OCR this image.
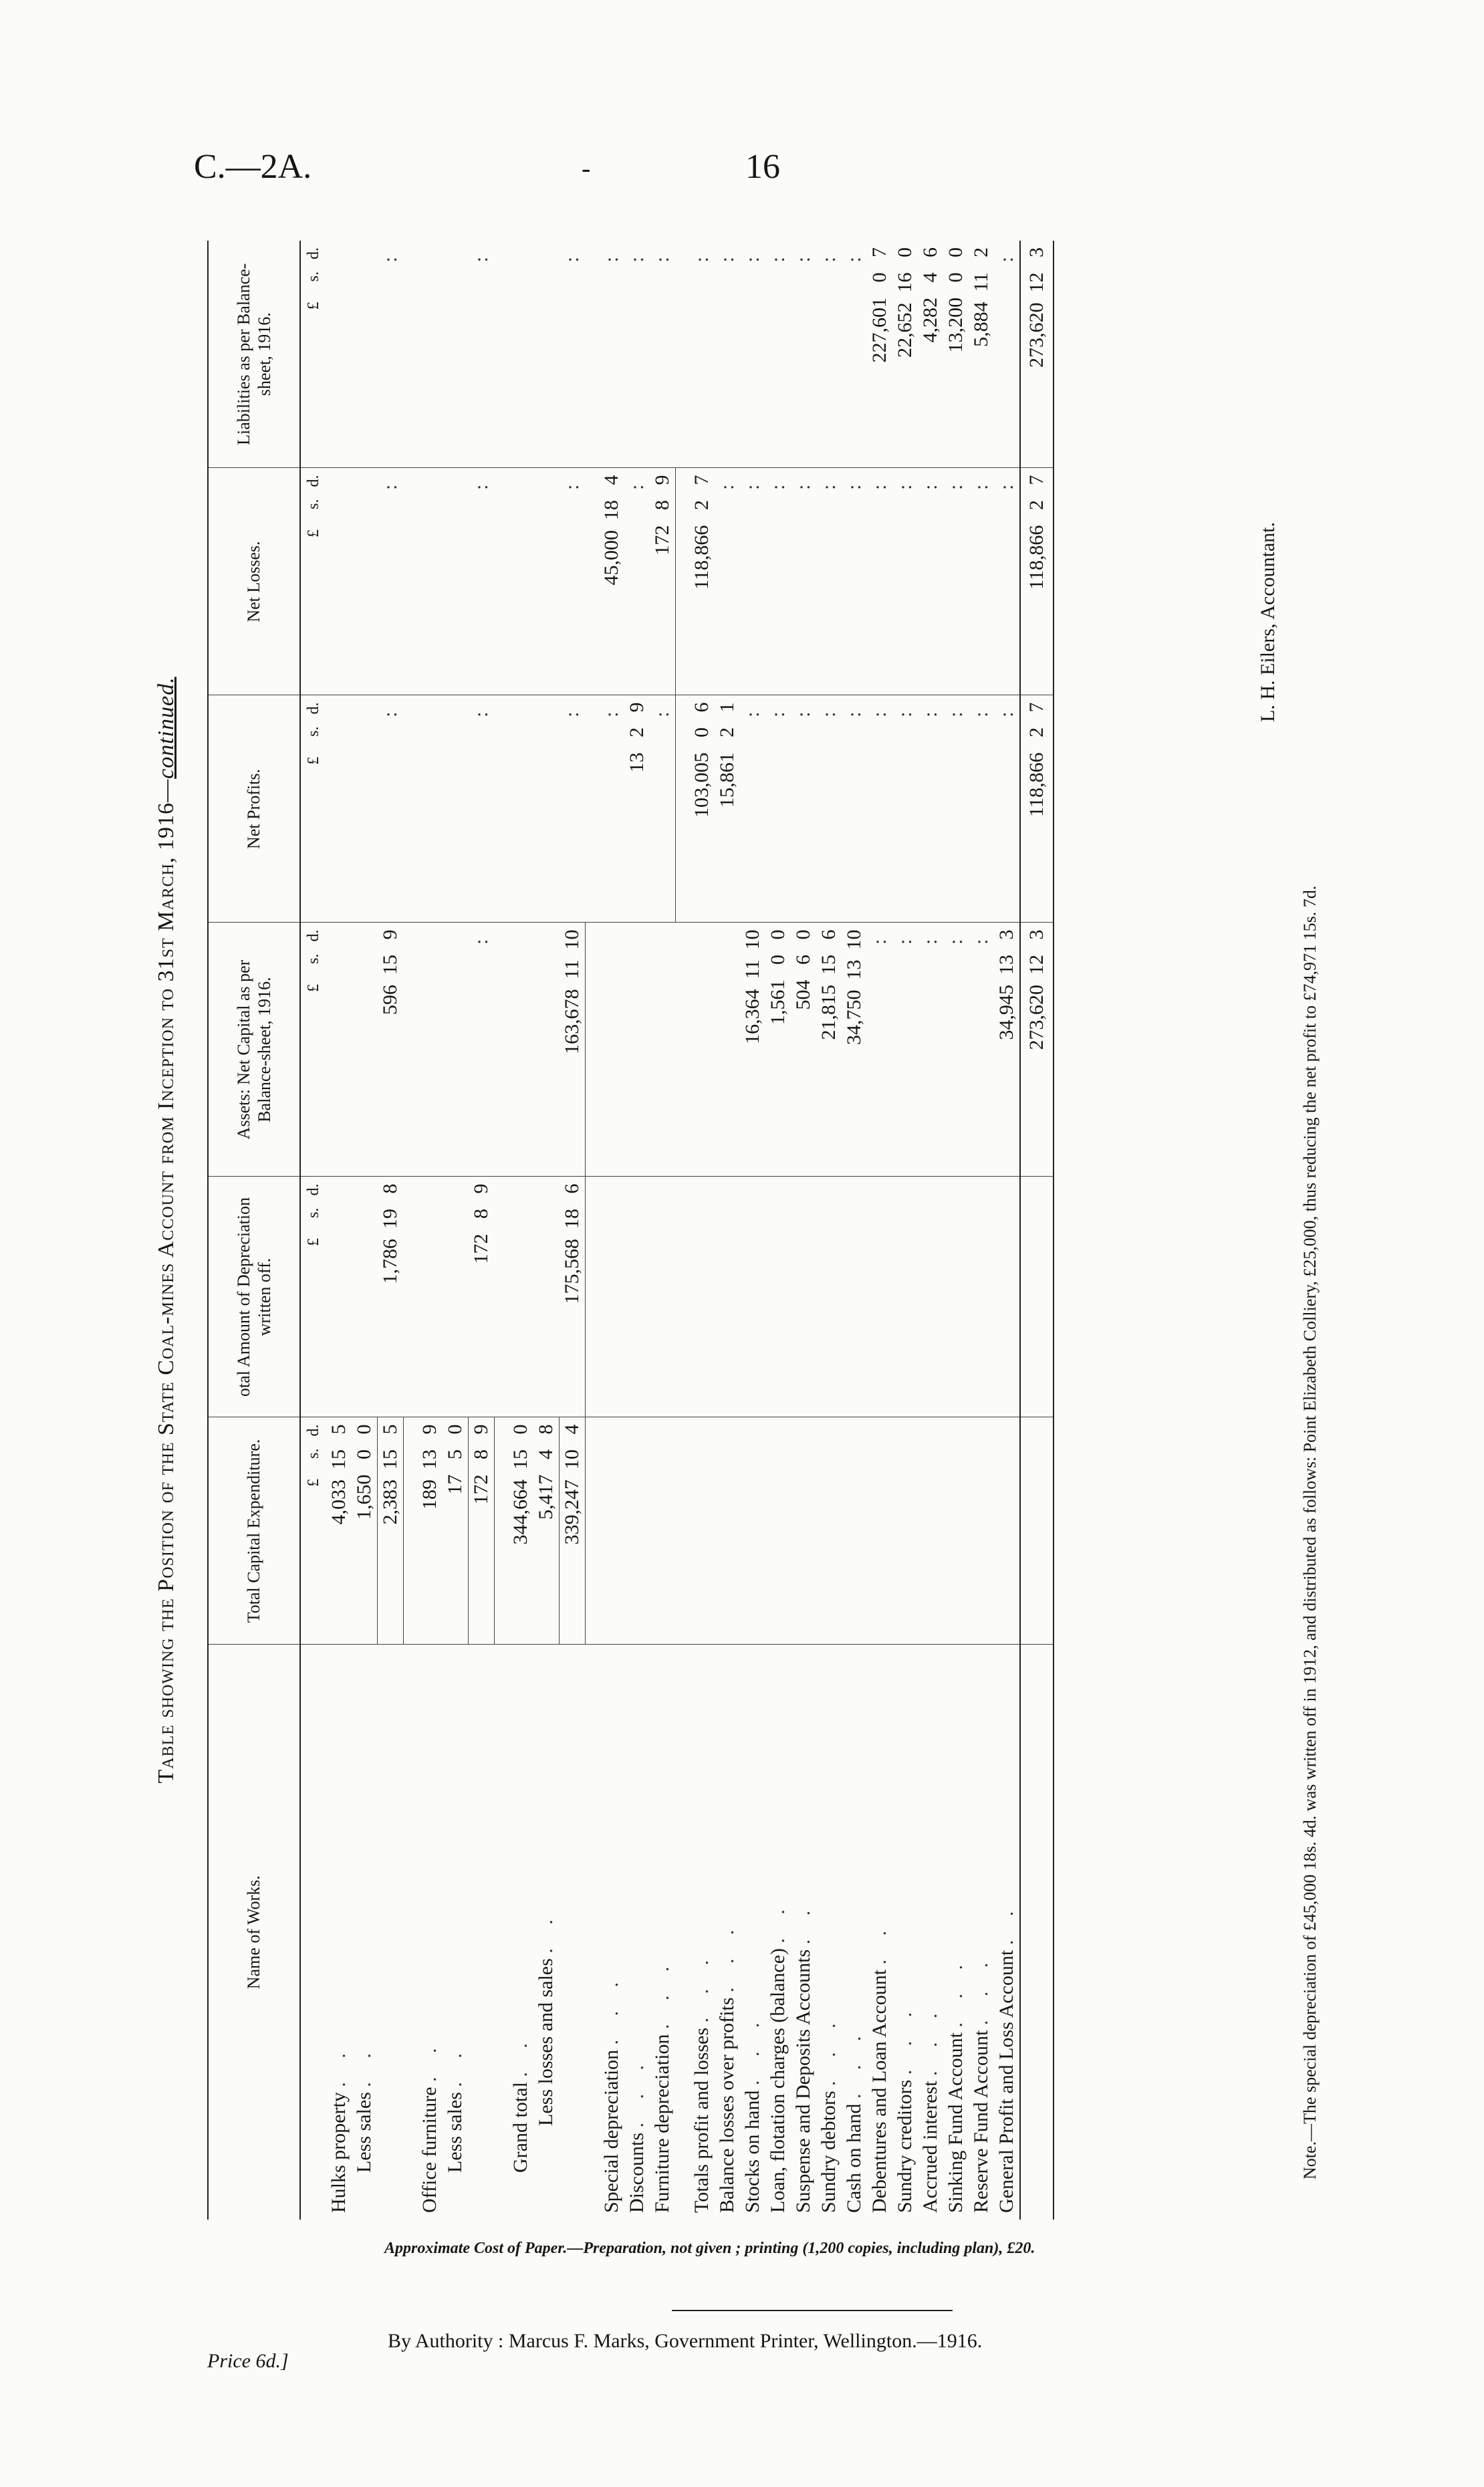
C.—2A.	-	16
Table showing the Position of the State Coal-mines Account from Inception to 31st March, 1916—continued.
Name of Works.	Total Capital Expenditure.	otal Amount of Depreciation written off.	Assets: Net Capital as per Balance-sheet, 1916.	Net Profits.	Net Losses.	Liabilities as per Balance-sheet, 1916.
	£     s.   d.	£     s.   d.	£     s.   d.	£     s.   d.	£     s.   d.	£     s.   d.
Hulks property . .	4,033  15   5					
Less sales . .	1,650   0   0					
	2,383  15   5	1,786  19   8	596  15   9	:	:	:

Office furniture . .	189  13   9					
Less sales . .	17   5   0					
	172   8   9	172   8   9	:	:	:	:

Grand total . .	344,664  15   0					
Less losses and sales . .	5,417   4   8					
	339,247  10   4	175,568  18   6	163,678  11  10	:	:	:

Special depreciation . . .				:	45,000  18   4	:
Discounts . . .				13   2   9	:	:
Furniture depreciation . . .				:	172   8   9	:

Totals profit and losses . . .				103,005   0   6	118,866   2   7	:
Balance losses over profits . . .				15,861   2   1	:	:
Stocks on hand . . .			16,364  11  10	:	:	:
Loan, flotation charges (balance) . .			1,561   0   0	:	:	:
Suspense and Deposits Accounts . .			504   6   0	:	:	:
Sundry debtors . . .			21,815  15   6	:	:	:
Cash on hand . . .			34,750  13  10	:	:	:
Debentures and Loan Account . .			:	:	:	227,601   0   7
Sundry creditors . . .			:	:	:	22,652  16   0
Accrued interest . . .			:	:	:	4,282   4   6
Sinking Fund Account . . .			:	:	:	13,200   0   0
Reserve Fund Account . . .			:	:	:	5,884  11   2
General Profit and Loss Account . .			34,945  13   3	:	:	:
			273,620  12   3	118,866   2   7	118,866   2   7	273,620  12   3
L. H. Eilers, Accountant.
Note.—The special depreciation of £45,000 18s. 4d. was written off in 1912, and distributed as follows: Point Elizabeth Colliery, £25,000, thus reducing the net profit to £74,971 15s. 7d.
Approximate Cost of Paper.—Preparation, not given ; printing (1,200 copies, including plan), £20.
By Authority : Marcus F. Marks, Government Printer, Wellington.—1916.
Price 6d.]
